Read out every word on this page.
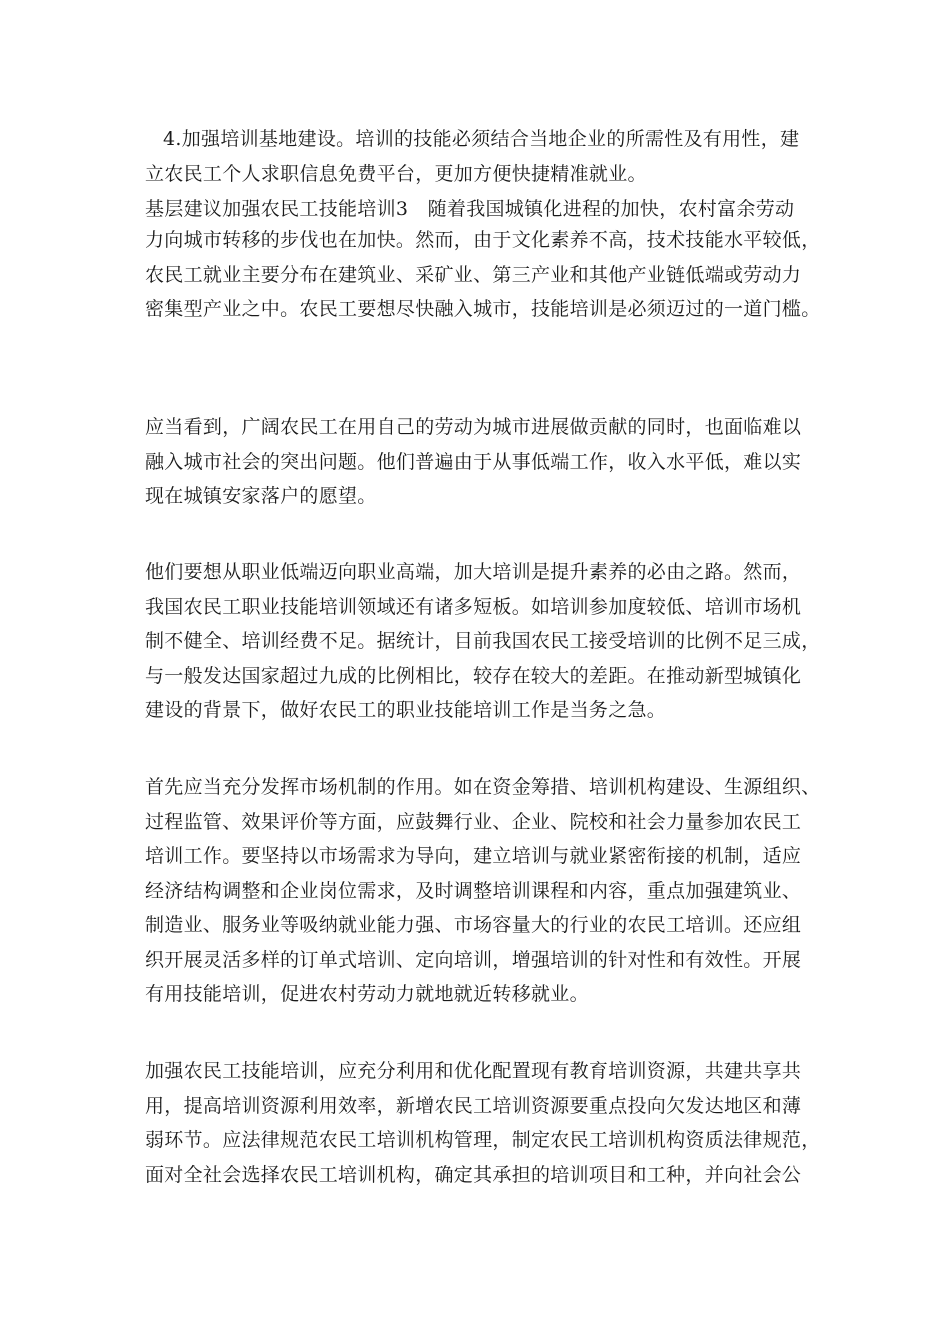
4.加强培训基地建设。培训的技能必须结合当地企业的所需性及有用性，建
立农民工个人求职信息免费平台，更加方便快捷精准就业。
基层建议加强农民工技能培训3　随着我国城镇化进程的加快，农村富余劳动
力向城市转移的步伐也在加快。然而，由于文化素养不高，技术技能水平较低，
农民工就业主要分布在建筑业、采矿业、第三产业和其他产业链低端或劳动力
密集型产业之中。农民工要想尽快融入城市，技能培训是必须迈过的一道门槛。
应当看到，广阔农民工在用自己的劳动为城市进展做贡献的同时，也面临难以
融入城市社会的突出问题。他们普遍由于从事低端工作，收入水平低，难以实
现在城镇安家落户的愿望。
他们要想从职业低端迈向职业高端，加大培训是提升素养的必由之路。然而，
我国农民工职业技能培训领域还有诸多短板。如培训参加度较低、培训市场机
制不健全、培训经费不足。据统计，目前我国农民工接受培训的比例不足三成，
与一般发达国家超过九成的比例相比，较存在较大的差距。在推动新型城镇化
建设的背景下，做好农民工的职业技能培训工作是当务之急。
首先应当充分发挥市场机制的作用。如在资金筹措、培训机构建设、生源组织、
过程监管、效果评价等方面，应鼓舞行业、企业、院校和社会力量参加农民工
培训工作。要坚持以市场需求为导向，建立培训与就业紧密衔接的机制，适应
经济结构调整和企业岗位需求，及时调整培训课程和内容，重点加强建筑业、
制造业、服务业等吸纳就业能力强、市场容量大的行业的农民工培训。还应组
织开展灵活多样的订单式培训、定向培训，增强培训的针对性和有效性。开展
有用技能培训，促进农村劳动力就地就近转移就业。
加强农民工技能培训，应充分利用和优化配置现有教育培训资源，共建共享共
用，提高培训资源利用效率，新增农民工培训资源要重点投向欠发达地区和薄
弱环节。应法律规范农民工培训机构管理，制定农民工培训机构资质法律规范，
面对全社会选择农民工培训机构，确定其承担的培训项目和工种，并向社会公
